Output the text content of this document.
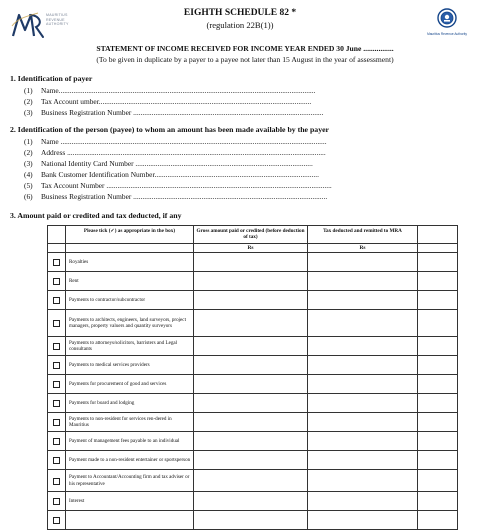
MAURITIUS REVENUE AUTHORITY
EIGHTH SCHEDULE 82 *
(regulation 22B(1))
Mauritius Revenue Authority
STATEMENT OF INCOME RECEIVED FOR INCOME YEAR ENDED 30 June ................
(To be given in duplicate by a payer to a payee not later than 15 August in the year of assessment)
1. Identification of payer
(1) Name...........................................................................................................................................
(2) Tax Account umber...................................................................................................................
(3) Business Registration Number .......................................................................................................
2. Identification of the person (payee) to whom an amount has been made available by the payer
(1) Name ................................................................................................................................................
(2) Address ............................................................................................................................................
(3) National Identity Card Number ................................................................................................
(4) Bank Customer Identification Number.........................................................................................
(5) Tax Account Number ..........................................................................................................................
(6) Business Registration Number .........................................................................................................
3. Amount paid or credited and tax deducted, if any
	Please tick (✓) as appropriate in the box)	Gross amount paid or credited (before deduction of tax)	Tax deducted and remitted to MRA	
		Rs	Rs	
	Royalties			
	Rent			
	Payments to contractor/subcontractor			
	Payments to architects, engineers, land surveyors, project managers, property valuers and quantity surveyors			
	Payments to attorneys/solicitors, barristers and Legal consultants			
	Payments to medical services providers			
	Payments for procurement of good and services			
	Payments for board and lodging			
	Payments to non-resident for services ren-dered in Mauritius			
	Payment of management fees payable to an individual			
	Payment made to a non-resident entertainer or sportsperson			
	Payment to Accountant/Accounting firm and tax adviser or his representative			
	Interest			
